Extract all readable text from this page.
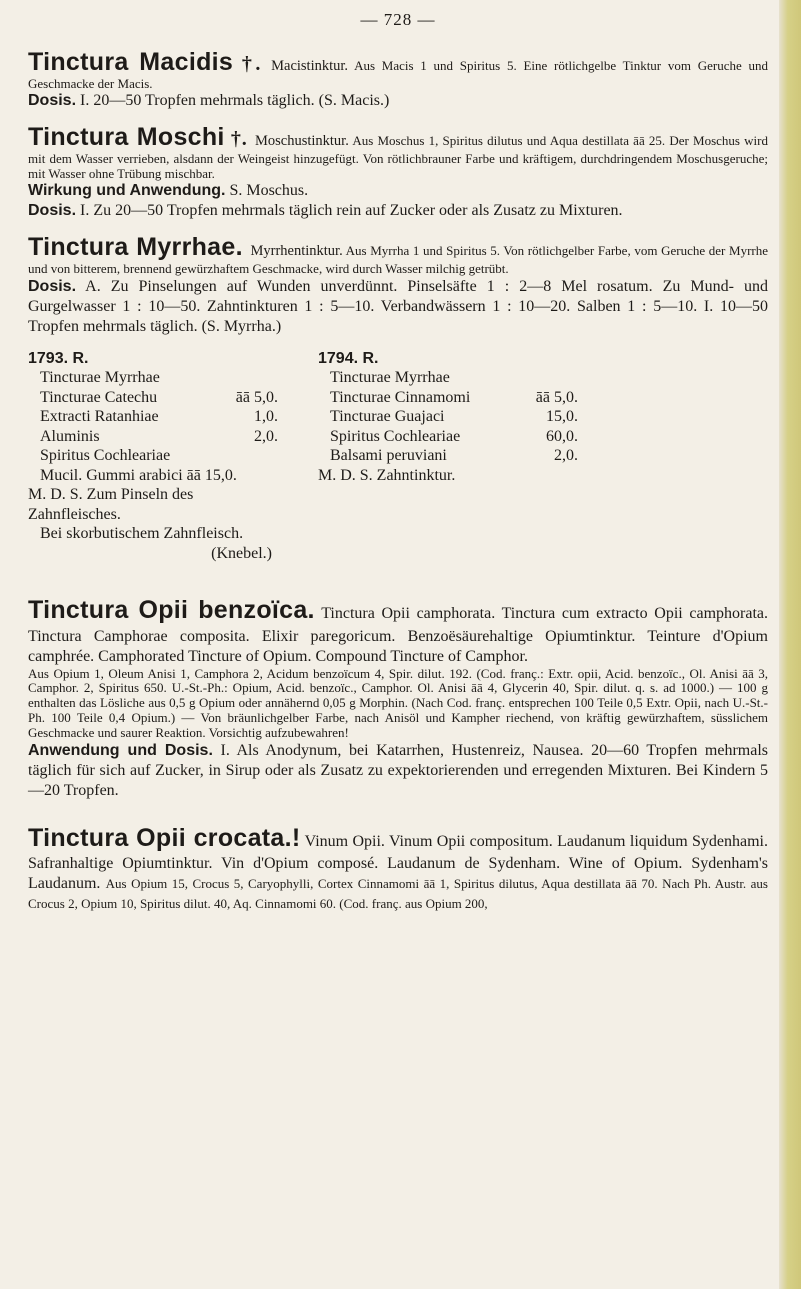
— 728 —
Tinctura Macidis †. Macistinktur. Aus Macis 1 und Spiritus 5. Eine rötlichgelbe Tinktur vom Geruche und Geschmacke der Macis.
Dosis. I. 20—50 Tropfen mehrmals täglich. (S. Macis.)
Tinctura Moschi †. Moschustinktur. Aus Moschus 1, Spiritus dilutus und Aqua destillata āā 25. Der Moschus wird mit dem Wasser verrieben, alsdann der Weingeist hinzugefügt. Von rötlichbrauner Farbe und kräftigem, durchdringendem Moschusgeruche; mit Wasser ohne Trübung mischbar.
Wirkung und Anwendung. S. Moschus.
Dosis. I. Zu 20—50 Tropfen mehrmals täglich rein auf Zucker oder als Zusatz zu Mixturen.
Tinctura Myrrhae. Myrrhentinktur. Aus Myrrha 1 und Spiritus 5. Von rötlichgelber Farbe, vom Geruche der Myrrhe und von bitterem, brennend gewürzhaftem Geschmacke, wird durch Wasser milchig getrübt.
Dosis. A. Zu Pinselungen auf Wunden unverdünnt. Pinselsäfte 1 : 2—8 Mel rosatum. Zu Mund- und Gurgelwasser 1 : 10—50. Zahntinkturen 1 : 5—10. Verbandwässern 1 : 10—20. Salben 1 : 5—10. I. 10—50 Tropfen mehrmals täglich. (S. Myrrha.)
1793. R.
Tincturae Myrrhae
Tincturae Catechu	āā 5,0.
Extracti Ratanhiae	1,0.
Aluminis	2,0.
Spiritus Cochleariae
Mucil. Gummi arabici āā 15,0.
M. D. S. Zum Pinseln des Zahnfleisches.
Bei skorbutischem Zahnfleisch.
(Knebel.)
1794. R.
Tincturae Myrrhae
Tincturae Cinnamomi	āā 5,0.
Tincturae Guajaci	15,0.
Spiritus Cochleariae	60,0.
Balsami peruviani	2,0.
M. D. S. Zahntinktur.
Tinctura Opii benzoïca. Tinctura Opii camphorata. Tinctura cum extracto Opii camphorata. Tinctura Camphorae composita. Elixir paregoricum. Benzoësäurehaltige Opiumtinktur. Teinture d'Opium camphrée. Camphorated Tincture of Opium. Compound Tincture of Camphor.
Aus Opium 1, Oleum Anisi 1, Camphora 2, Acidum benzoïcum 4, Spir. dilut. 192. (Cod. franç.: Extr. opii, Acid. benzoïc., Ol. Anisi āā 3, Camphor. 2, Spiritus 650. U.-St.-Ph.: Opium, Acid. benzoïc., Camphor. Ol. Anisi āā 4, Glycerin 40, Spir. dilut. q. s. ad 1000.) — 100 g enthalten das Lösliche aus 0,5 g Opium oder annähernd 0,05 g Morphin. (Nach Cod. franç. entsprechen 100 Teile 0,5 Extr. Opii, nach U.-St.-Ph. 100 Teile 0,4 Opium.) — Von bräunlichgelber Farbe, nach Anisöl und Kampher riechend, von kräftig gewürzhaftem, süsslichem Geschmacke und saurer Reaktion. Vorsichtig aufzubewahren!
Anwendung und Dosis. I. Als Anodynum, bei Katarrhen, Hustenreiz, Nausea. 20—60 Tropfen mehrmals täglich für sich auf Zucker, in Sirup oder als Zusatz zu expektorierenden und erregenden Mixturen. Bei Kindern 5—20 Tropfen.
Tinctura Opii crocata.! Vinum Opii. Vinum Opii compositum. Laudanum liquidum Sydenhami. Safranhaltige Opiumtinktur. Vin d'Opium composé. Laudanum de Sydenham. Wine of Opium. Sydenham's Laudanum. Aus Opium 15, Crocus 5, Caryophylli, Cortex Cinnamomi āā 1, Spiritus dilutus, Aqua destillata āā 70. Nach Ph. Austr. aus Crocus 2, Opium 10, Spiritus dilut. 40, Aq. Cinnamomi 60. (Cod. franç. aus Opium 200,
